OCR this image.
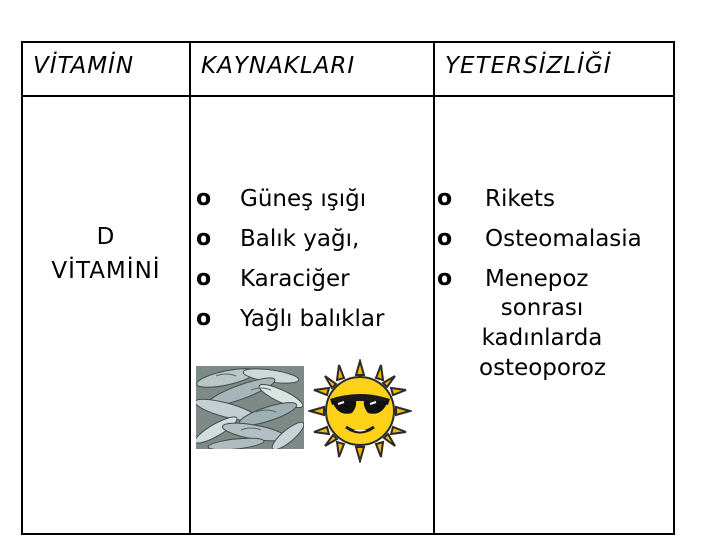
VİTAMİN	KAYNAKLARI	YETERSİZLİĞİ
D
VİTAMİNİ
o Güneş ışığı
o Balık yağı,
o Karaciğer
o Yağlı balıklar
o Rikets
o Osteomalasia
o Menepoz
sonrası
kadınlarda
osteoporoz
